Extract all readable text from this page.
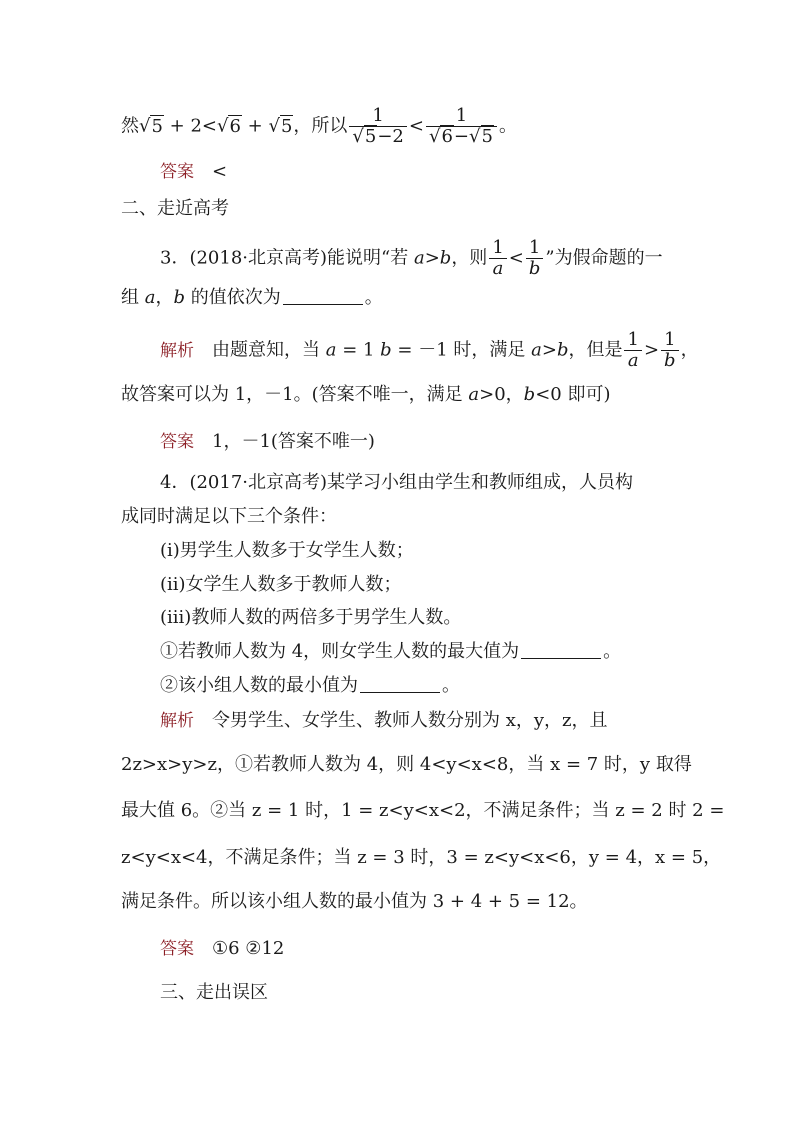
然√5 + 2<√6 + √5，所以 $\frac{1}{√5-2} < \frac{1}{√6-√5}$ 。
答案 <
二、走近高考
3．(2018·北京高考)能说明“若 a>b，则 $\frac{1}{a} < \frac{1}{b}$ ”为假命题的一
组 a，b 的值依次为	。
解析 由题意知，当 a = 1 b = －1 时，满足 a>b，但是 $\frac{1}{a} > \frac{1}{b}$ ，
故答案可以为 1，－1。(答案不唯一，满足 a>0，b<0 即可)
答案 1，－1(答案不唯一)
4．(2017·北京高考)某学习小组由学生和教师组成，人员构
成同时满足以下三个条件：
(ⅰ)男学生人数多于女学生人数；
(ⅱ)女学生人数多于教师人数；
(ⅲ)教师人数的两倍多于男学生人数。
①若教师人数为 4，则女学生人数的最大值为	。
②该小组人数的最小值为	。
解析 令男学生、女学生、教师人数分别为 x，y，z，且
2z>x>y>z，①若教师人数为 4，则 4<y<x<8，当 x = 7 时，y 取得
最大值 6。②当 z = 1 时，1 = z<y<x<2，不满足条件；当 z = 2 时 2 =
z<y<x<4，不满足条件；当 z = 3 时，3 = z<y<x<6，y = 4，x = 5，
满足条件。所以该小组人数的最小值为 3 + 4 + 5 = 12。
答案 ①6 ②12
三、走出误区
